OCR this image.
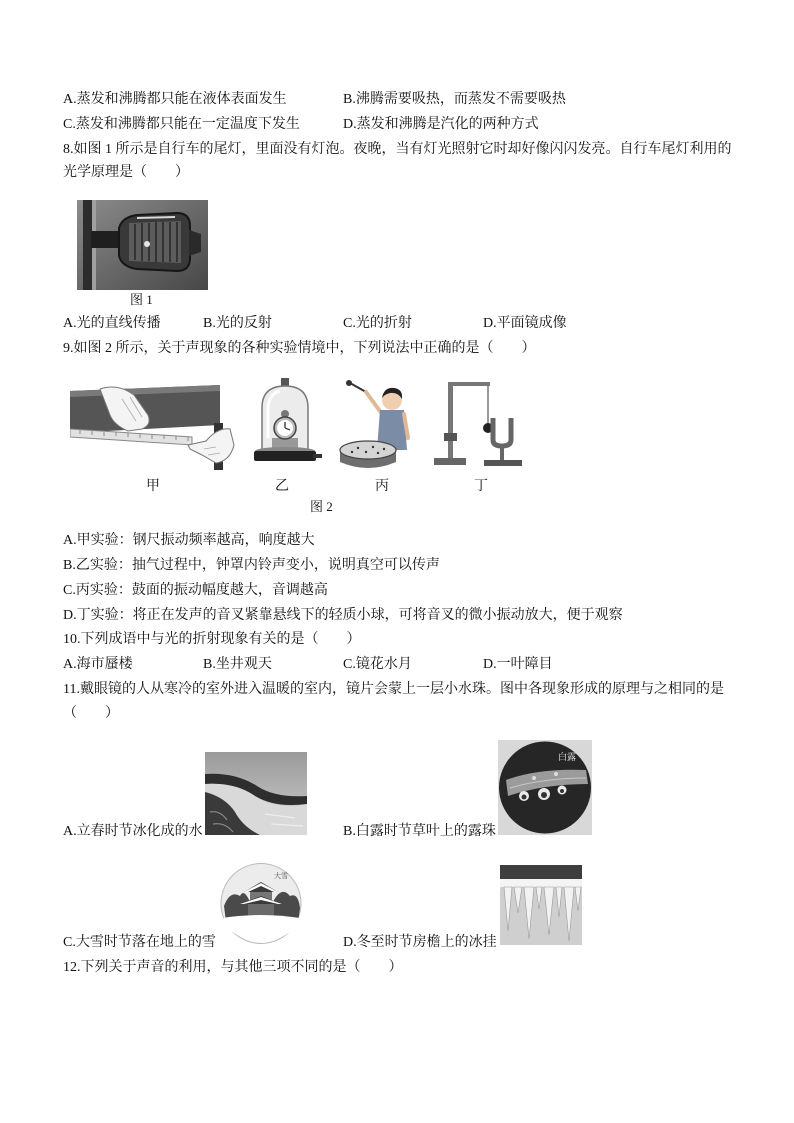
A.蒸发和沸腾都只能在液体表面发生	B.沸腾需要吸热，而蒸发不需要吸热
C.蒸发和沸腾都只能在一定温度下发生	D.蒸发和沸腾是汽化的两种方式
8.如图 1 所示是自行车的尾灯，里面没有灯泡。夜晚，当有灯光照射它时却好像闪闪发亮。自行车尾灯利用的
光学原理是（　　）
图 1
A.光的直线传播	B.光的反射	C.光的折射	D.平面镜成像
9.如图 2 所示，关于声现象的各种实验情境中，下列说法中正确的是（　　）
甲	乙	丙	丁
图 2
A.甲实验：钢尺振动频率越高，响度越大
B.乙实验：抽气过程中，钟罩内铃声变小，说明真空可以传声
C.丙实验：鼓面的振动幅度越大，音调越高
D.丁实验：将正在发声的音叉紧靠悬线下的轻质小球，可将音叉的微小振动放大，便于观察
10.下列成语中与光的折射现象有关的是（　　）
A.海市蜃楼	B.坐井观天	C.镜花水月	D.一叶障目
11.戴眼镜的人从寒冷的室外进入温暖的室内，镜片会蒙上一层小水珠。图中各现象形成的原理与之相同的是
（　　）
A.立春时节冰化成的水
白露
B.白露时节草叶上的露珠
大雪
C.大雪时节落在地上的雪	D.冬至时节房檐上的冰挂
12.下列关于声音的利用，与其他三项不同的是（　　）
